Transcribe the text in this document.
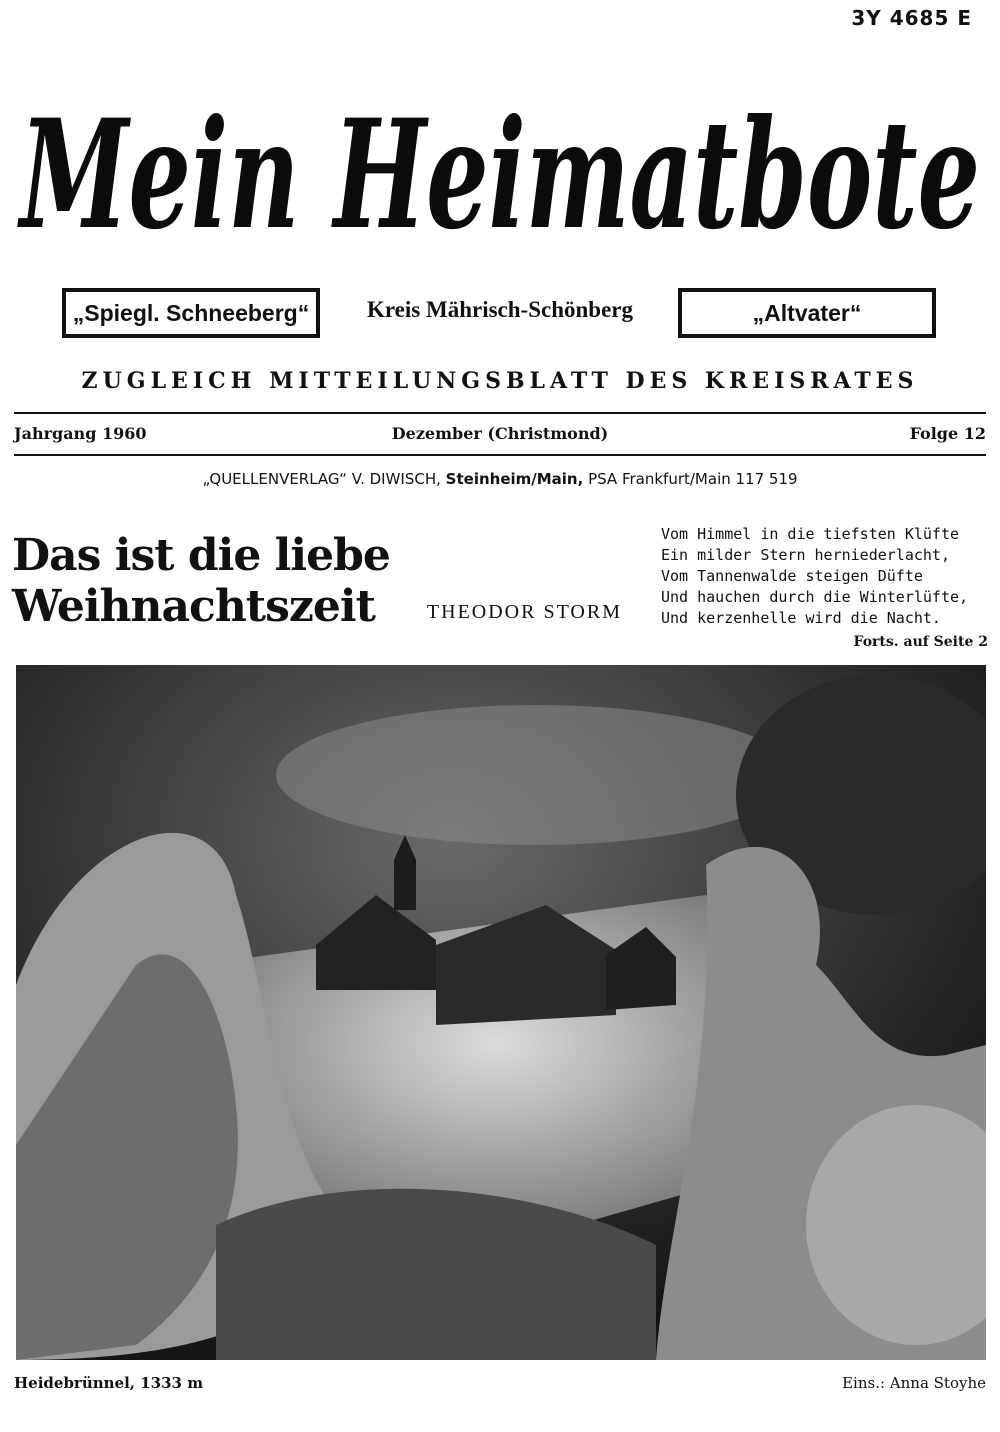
3Y 4685 E
Mein Heimatbote
„Spiegl. Schneeberg“	Kreis Mährisch-Schönberg	„Altvater“
ZUGLEICH MITTEILUNGSBLATT DES KREISRATES
Jahrgang 1960	Dezember (Christmond)	Folge 12
„QUELLENVERLAG“ V. DIWISCH, Steinheim/Main, PSA Frankfurt/Main 117 519
Das ist die liebe Weihnachtszeit	THEODOR STORM
Vom Himmel in die tiefsten Klüfte
Ein milder Stern herniederlacht,
Vom Tannenwalde steigen Düfte
Und hauchen durch die Winterlüfte,
Und kerzenhelle wird die Nacht.
Forts. auf Seite 2
Heidebrünnel, 1333 m	Eins.: Anna Stoyhe
